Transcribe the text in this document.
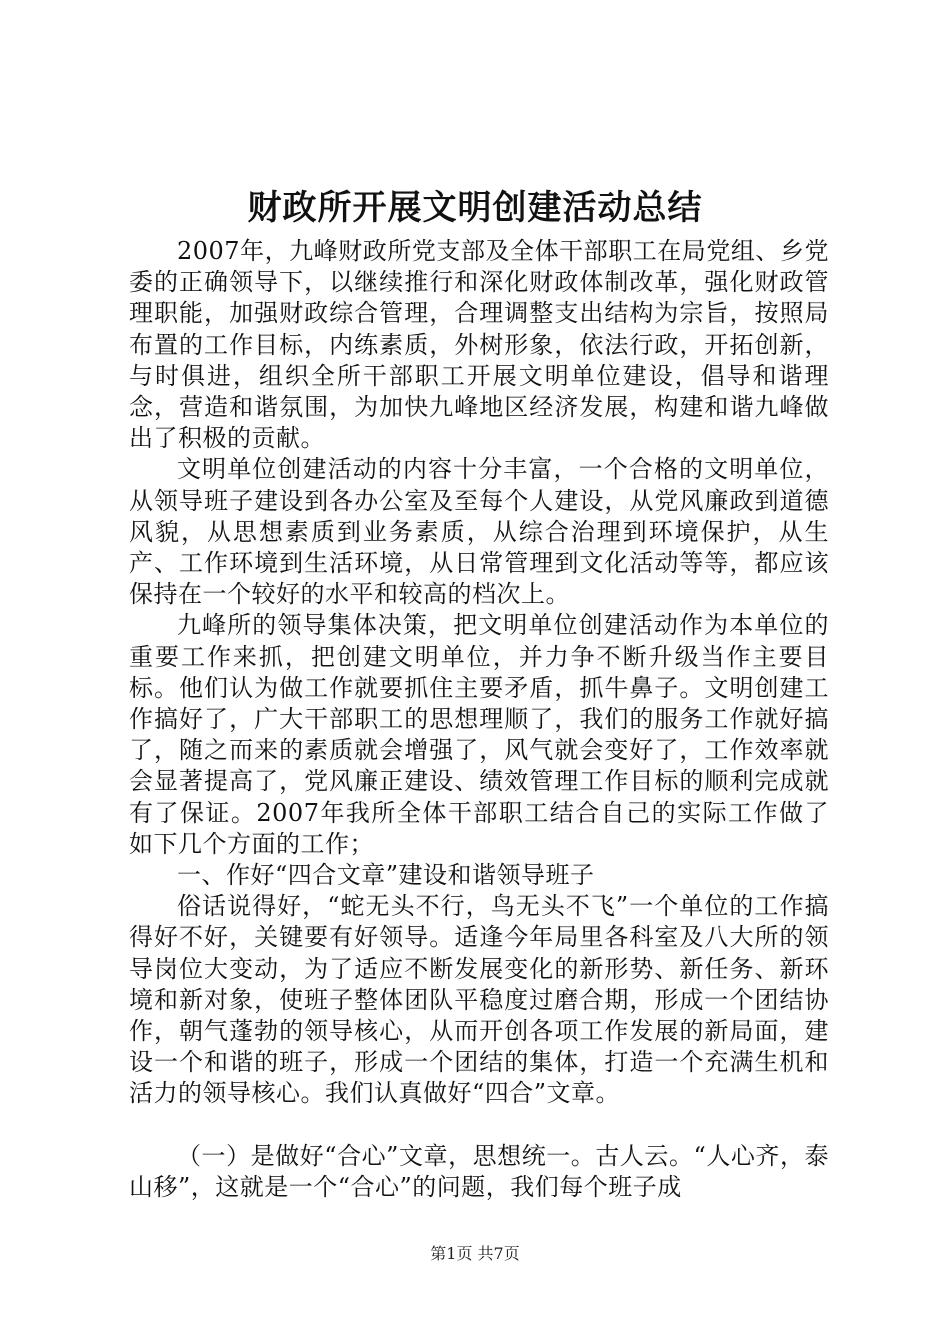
财政所开展文明创建活动总结

2007年，九峰财政所党支部及全体干部职工在局党组、乡党委的正确领导下，以继续推行和深化财政体制改革，强化财政管理职能，加强财政综合管理，合理调整支出结构为宗旨，按照局布置的工作目标，内练素质，外树形象，依法行政，开拓创新，与时俱进，组织全所干部职工开展文明单位建设，倡导和谐理念，营造和谐氛围，为加快九峰地区经济发展，构建和谐九峰做出了积极的贡献。

文明单位创建活动的内容十分丰富，一个合格的文明单位，从领导班子建设到各办公室及至每个人建设，从党风廉政到道德风貌，从思想素质到业务素质，从综合治理到环境保护，从生产、工作环境到生活环境，从日常管理到文化活动等等，都应该保持在一个较好的水平和较高的档次上。

九峰所的领导集体决策，把文明单位创建活动作为本单位的重要工作来抓，把创建文明单位，并力争不断升级当作主要目标。他们认为做工作就要抓住主要矛盾，抓牛鼻子。文明创建工作搞好了，广大干部职工的思想理顺了，我们的服务工作就好搞了，随之而来的素质就会增强了，风气就会变好了，工作效率就会显著提高了，党风廉正建设、绩效管理工作目标的顺利完成就有了保证。2007年我所全体干部职工结合自己的实际工作做了如下几个方面的工作；

一、作好“四合文章”建设和谐领导班子

俗话说得好，“蛇无头不行，鸟无头不飞”一个单位的工作搞得好不好，关键要有好领导。适逢今年局里各科室及八大所的领导岗位大变动，为了适应不断发展变化的新形势、新任务、新环境和新对象，使班子整体团队平稳度过磨合期，形成一个团结协作，朝气蓬勃的领导核心，从而开创各项工作发展的新局面，建设一个和谐的班子，形成一个团结的集体，打造一个充满生机和活力的领导核心。我们认真做好“四合”文章。

（一）是做好“合心”文章，思想统一。古人云。“人心齐，泰山移”，这就是一个“合心”的问题，我们每个班子成

第1页 共7页
